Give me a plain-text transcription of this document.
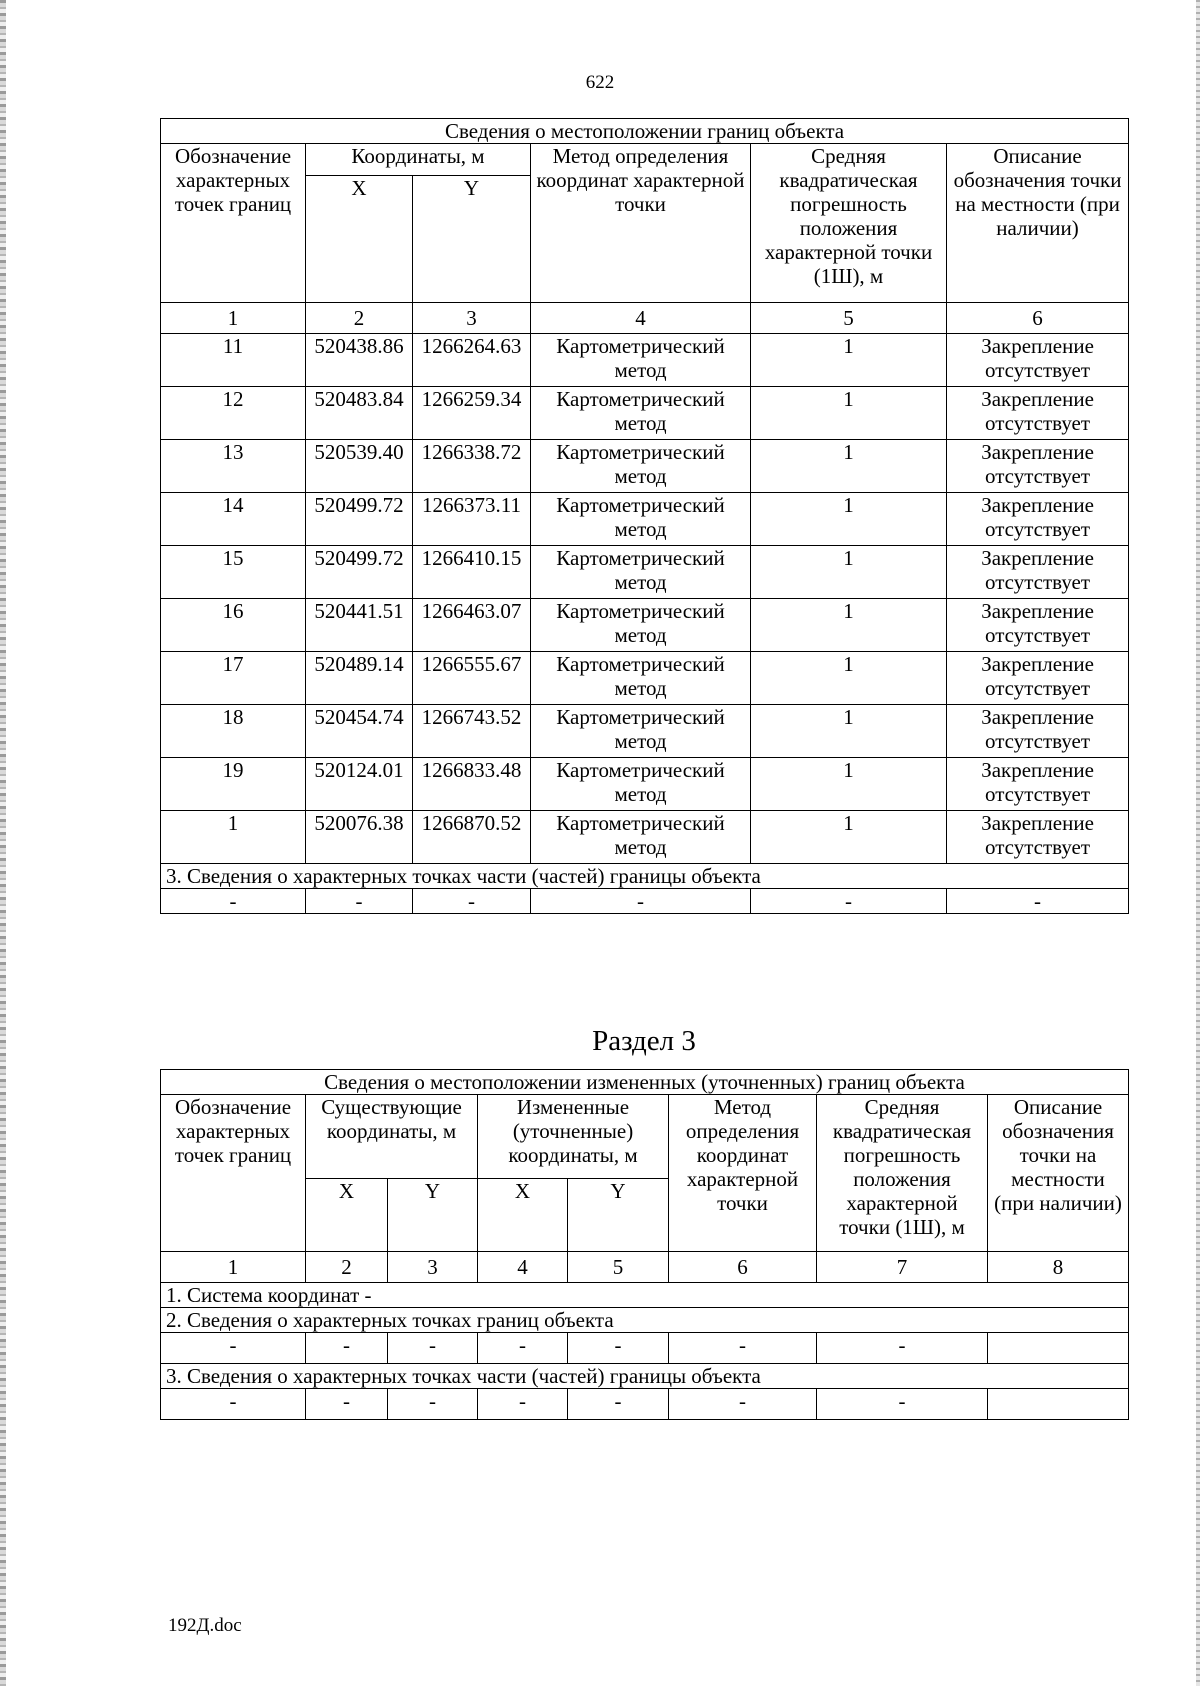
622
Сведения о местоположении границ объекта					
Обозначение характерных точек границ	Координаты, м		Метод определения координат характерной точки	Средняя квадратическая погрешность положения характерной точки (1Ш), м	Описание обозначения точки на местности (при наличии)
	X	Y			
1	2	3	4	5	6
11	520438.86	1266264.63	Картометрический метод	1	Закрепление отсутствует
12	520483.84	1266259.34	Картометрический метод	1	Закрепление отсутствует
13	520539.40	1266338.72	Картометрический метод	1	Закрепление отсутствует
14	520499.72	1266373.11	Картометрический метод	1	Закрепление отсутствует
15	520499.72	1266410.15	Картометрический метод	1	Закрепление отсутствует
16	520441.51	1266463.07	Картометрический метод	1	Закрепление отсутствует
17	520489.14	1266555.67	Картометрический метод	1	Закрепление отсутствует
18	520454.74	1266743.52	Картометрический метод	1	Закрепление отсутствует
19	520124.01	1266833.48	Картометрический метод	1	Закрепление отсутствует
1	520076.38	1266870.52	Картометрический метод	1	Закрепление отсутствует
3. Сведения о характерных точках части (частей) границы объекта					
-	-	-	-	-	-
Раздел 3
Сведения о местоположении измененных (уточненных) границ объекта							
Обозначение характерных точек границ	Существующие координаты, м		Измененные (уточненные) координаты, м		Метод определения координат характерной точки	Средняя квадратическая погрешность положения характерной точки (1Ш), м	Описание обозначения точки на местности (при наличии)
	X	Y	X	Y			
1	2	3	4	5	6	7	8
1. Система координат -							
2. Сведения о характерных точках границ объекта							
-	-	-	-	-	-	-	
3. Сведения о характерных точках части (частей) границы объекта							
-	-	-	-	-	-	-	
192Д.doc
